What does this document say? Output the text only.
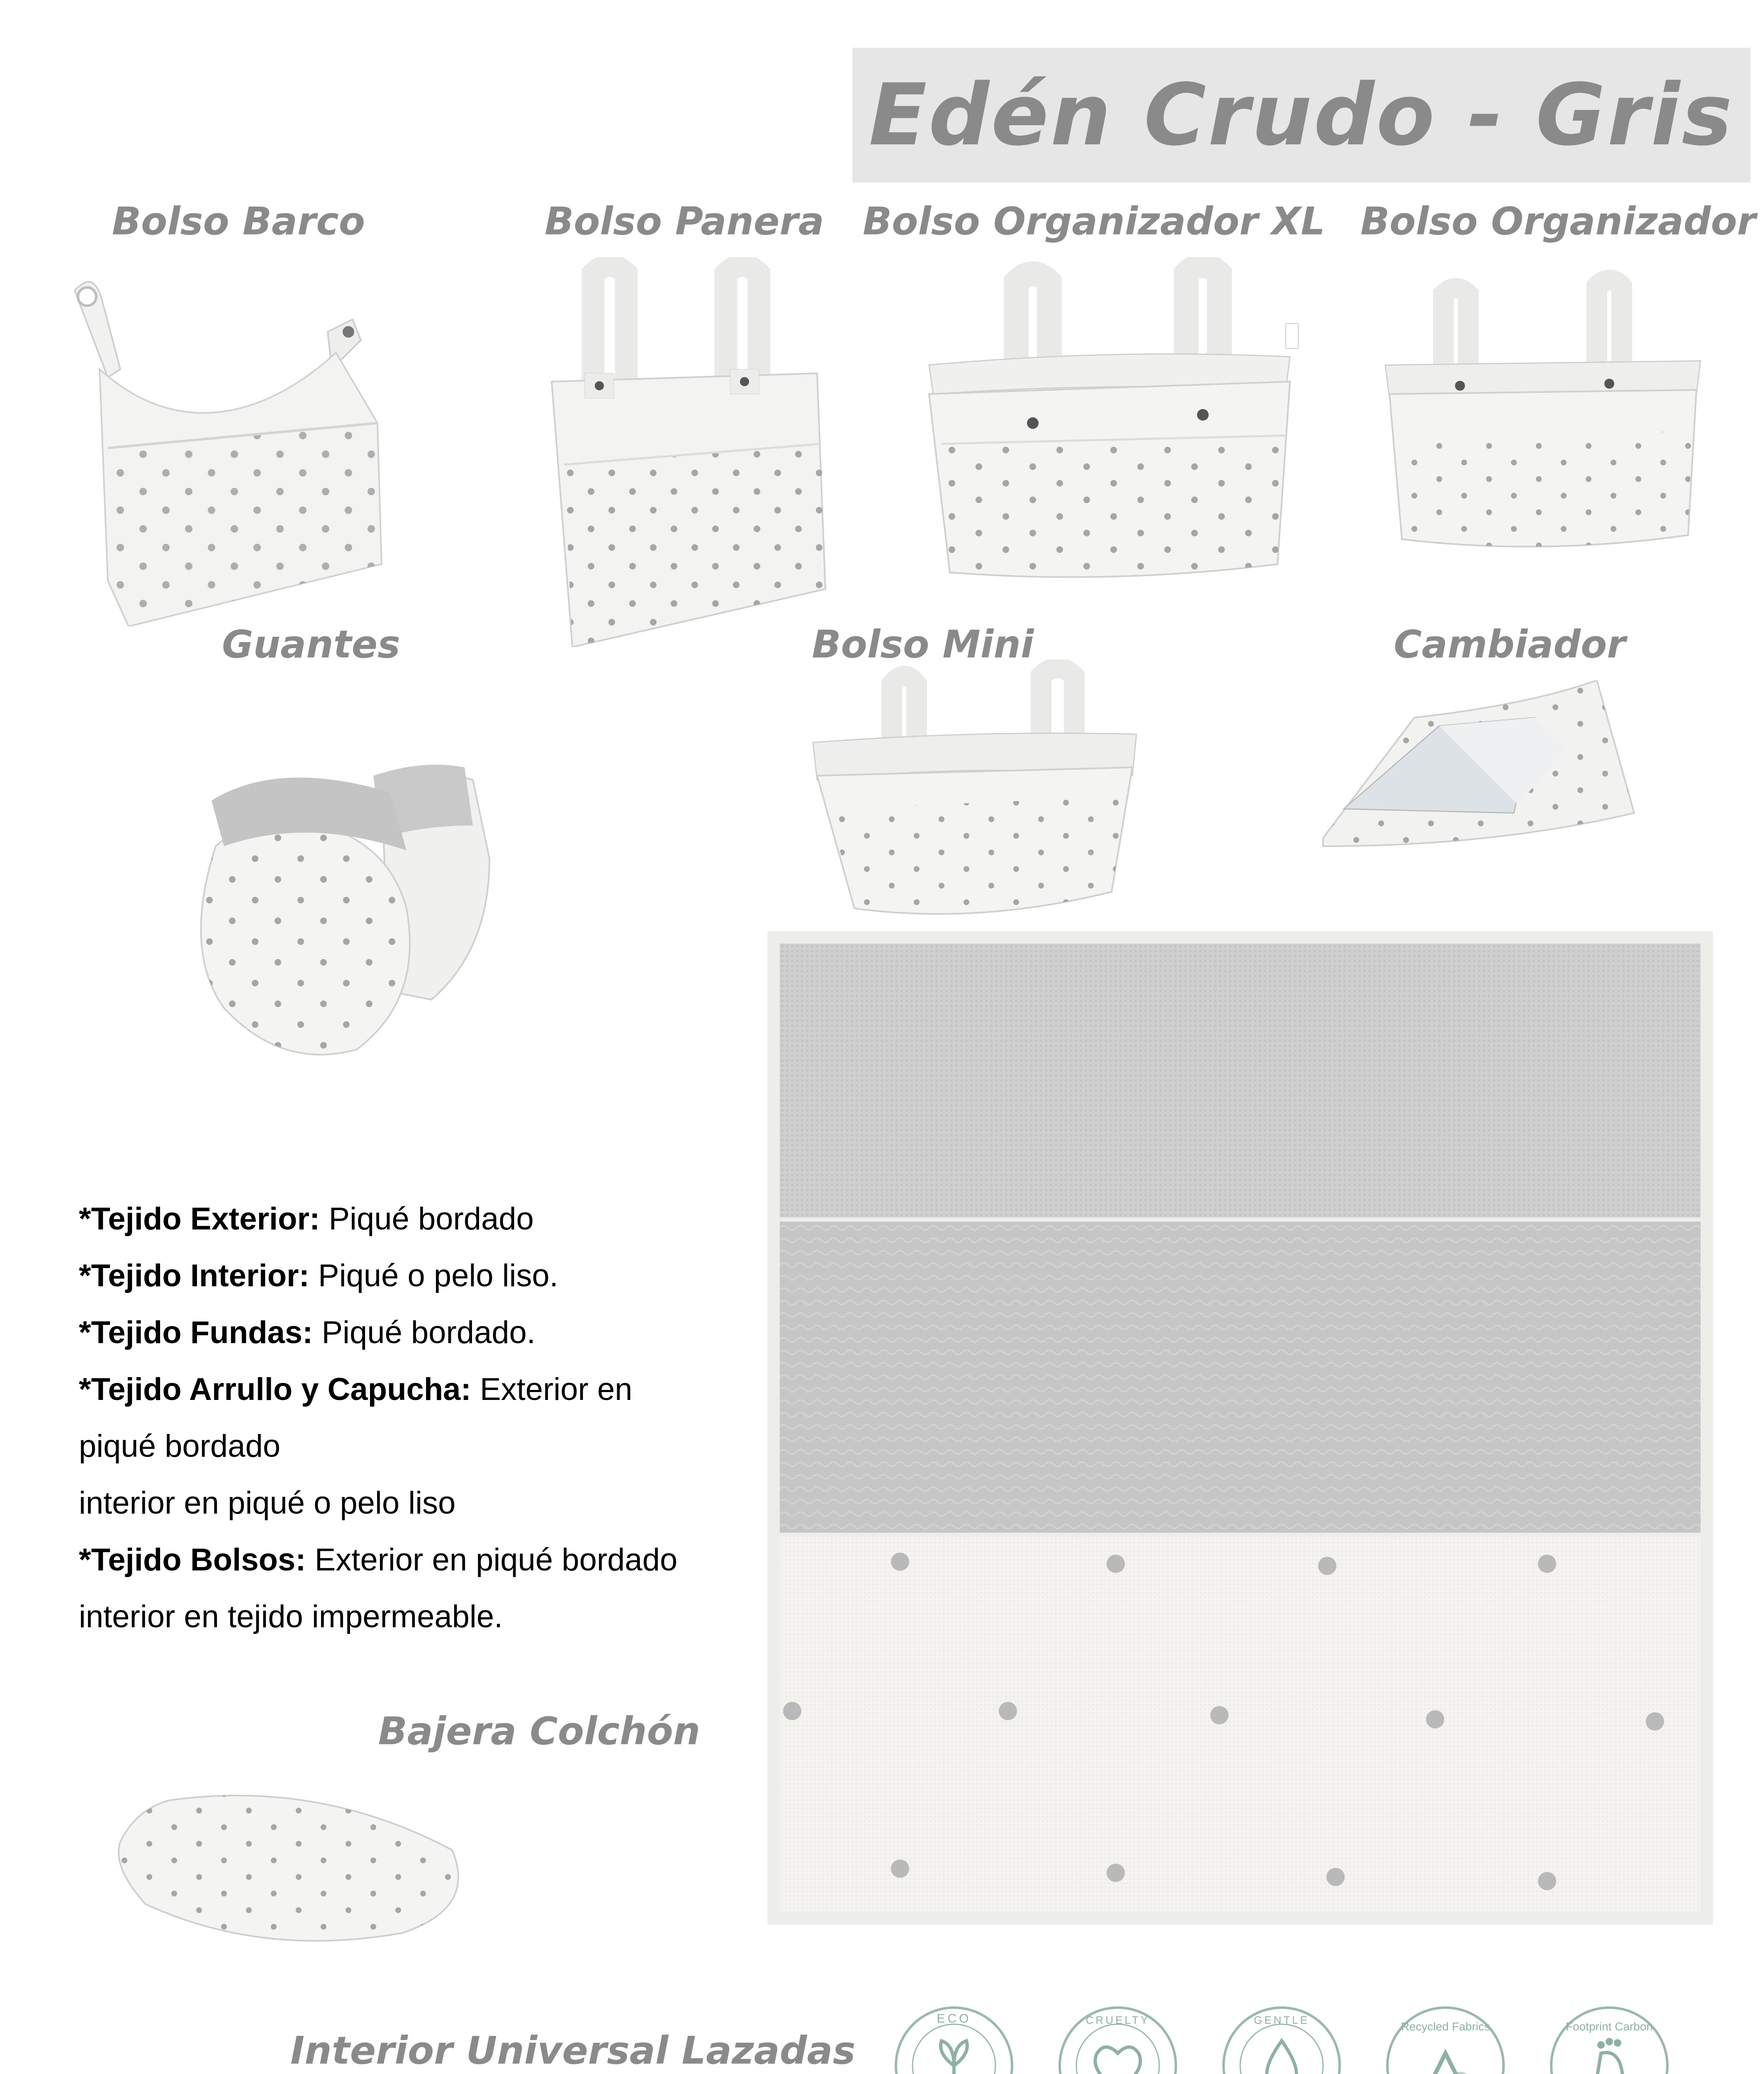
Edén Crudo - Gris
Bolso Barco	Bolso Panera Bolso Organizador XL Bolso Organizador
Guantes	Bolso Mini	Cambiador
Bajera Colchón
Interior Universal Lazadas
*Tejido Exterior: Piqué bordado
*Tejido Interior: Piqué o pelo liso.
*Tejido Fundas: Piqué bordado.
*Tejido Arrullo y Capucha: Exterior en
piqué bordado
interior en piqué o pelo liso
*Tejido Bolsos: Exterior en piqué bordado
interior en tejido impermeable.
ECO	CRUELTY	GENTLE	Recycled Fabrics	Footprint Carbon
